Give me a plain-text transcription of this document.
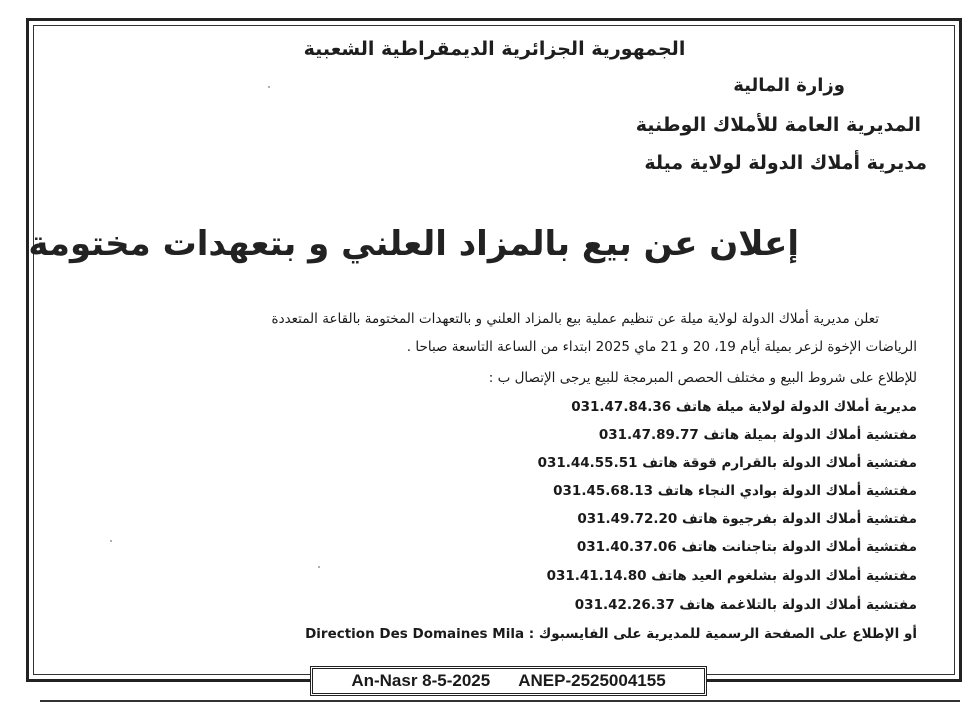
الجمهورية الجزائرية الديمقراطية الشعبية
وزارة المالية
المديرية العامة للأملاك الوطنية
مديرية أملاك الدولة لولاية ميلة
إعلان عن بيع بالمزاد العلني و بتعهدات مختومة
تعلن مديرية أملاك الدولة لولاية ميلة عن تنظيم عملية بيع بالمزاد العلني و بالتعهدات المختومة بالقاعة المتعددة
الرياضات الإخوة لزعر بميلة أيام 19، 20 و 21 ماي 2025 ابتداء من الساعة التاسعة صباحا .
للإطلاع على شروط البيع و مختلف الحصص المبرمجة للبيع يرجى الإتصال ب :
مديرية أملاك الدولة لولاية ميلة هاتف 031.47.84.36
مفتشية أملاك الدولة بميلة هاتف 031.47.89.77
مفتشية أملاك الدولة بالقرارم قوقة هاتف 031.44.55.51
مفتشية أملاك الدولة بوادي النجاء هاتف 031.45.68.13
مفتشية أملاك الدولة بفرجيوة هاتف 031.49.72.20
مفتشية أملاك الدولة بتاجنانت هاتف 031.40.37.06
مفتشية أملاك الدولة بشلغوم العيد هاتف 031.41.14.80
مفتشية أملاك الدولة بالتلاغمة هاتف 031.42.26.37
أو الإطلاع على الصفحة الرسمية للمديرية على الفايسبوك : Direction Des Domaines Mila
An-Nasr 8-5-2025 ANEP-2525004155
